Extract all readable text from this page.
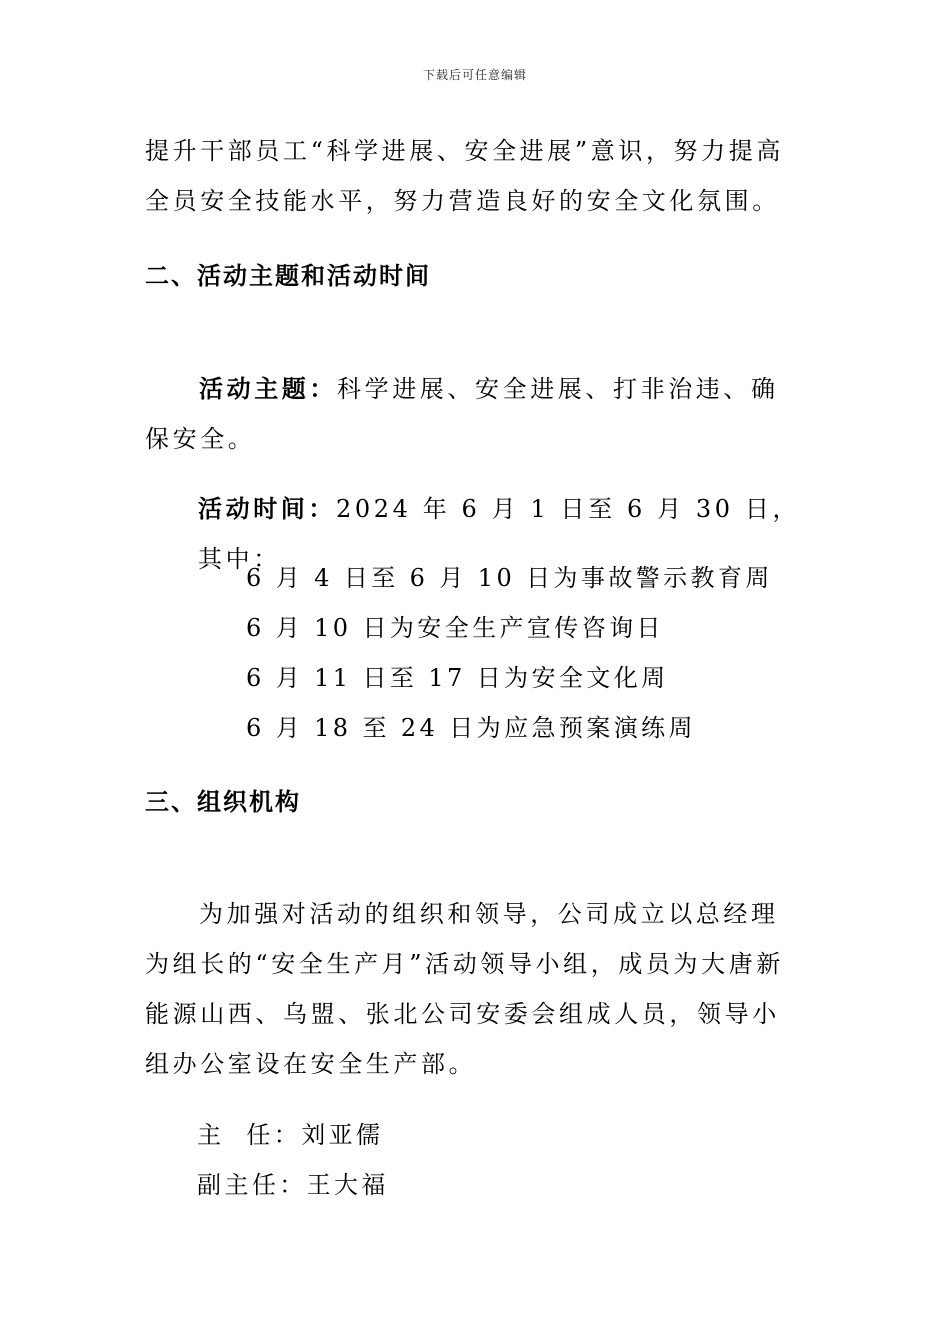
下载后可任意编辑

提升干部员工“科学进展、安全进展”意识，努力提高全员安全技能水平，努力营造良好的安全文化氛围。

二、活动主题和活动时间

活动主题：科学进展、安全进展、打非治违、确保安全。

活动时间：2024 年 6 月 1 日至 6 月 30 日，其中：

6 月 4 日至 6 月 10 日为事故警示教育周
6 月 10 日为安全生产宣传咨询日
6 月 11 日至 17 日为安全文化周
6 月 18 至 24 日为应急预案演练周
三、组织机构

为加强对活动的组织和领导，公司成立以总经理为组长的“安全生产月”活动领导小组，成员为大唐新能源山西、乌盟、张北公司安委会组成人员，领导小组办公室设在安全生产部。

主 任：刘亚儒
副主任：王大福
